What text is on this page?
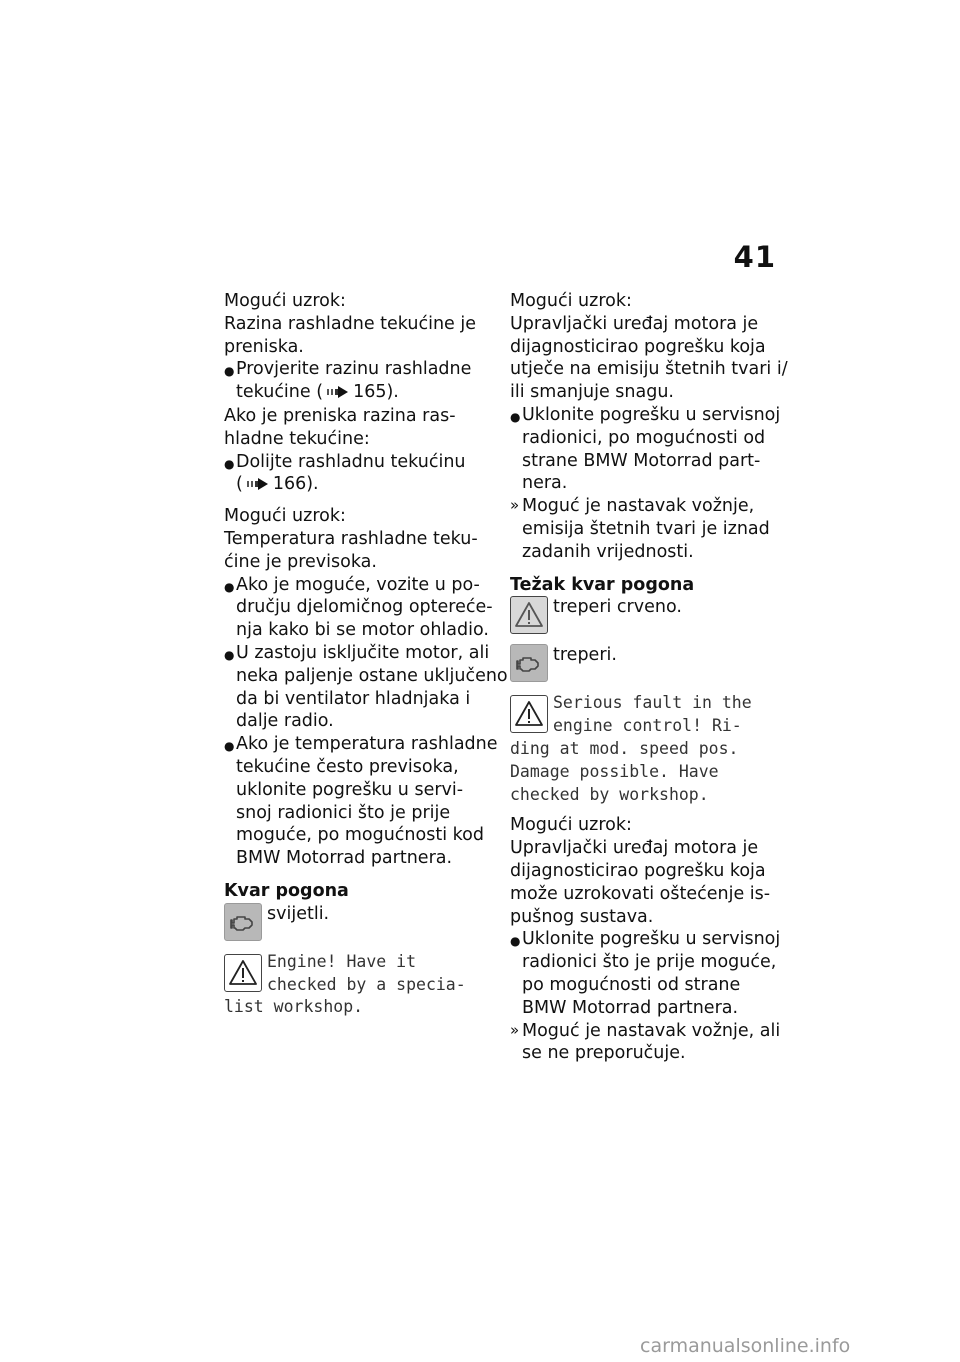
41
Mogući uzrok:
Razina rashladne tekućine je
preniska.
● Provjerite razinu rashladne
tekućine ( 165).
Ako je preniska razina ras-
hladne tekućine:
● Dolijte rashladnu tekućinu
( 166).
Mogući uzrok:
Temperatura rashladne teku-
ćine je previsoka.
● Ako je moguće, vozite u po-
dručju djelomičnog optereće-
nja kako bi se motor ohladio.
● U zastoju isključite motor, ali
neka paljenje ostane uključeno
da bi ventilator hladnjaka i
dalje radio.
● Ako je temperatura rashladne
tekućine često previsoka,
uklonite pogrešku u servi-
snoj radionici što je prije
moguće, po mogućnosti kod
BMW Motorrad partnera.
Kvar pogona
svijetli.
Engine! Have it
checked by a specia-
list workshop.
Mogući uzrok:
Upravljački uređaj motora je
dijagnosticirao pogrešku koja
utječe na emisiju štetnih tvari i/
ili smanjuje snagu.
● Uklonite pogrešku u servisnoj
radionici, po mogućnosti od
strane BMW Motorrad part-
nera.
» Moguć je nastavak vožnje,
emisija štetnih tvari je iznad
zadanih vrijednosti.
Težak kvar pogona
treperi crveno.
treperi.
Serious fault in the
engine control! Ri-
ding at mod. speed pos.
Damage possible. Have
checked by workshop.
Mogući uzrok:
Upravljački uređaj motora je
dijagnosticirao pogrešku koja
može uzrokovati oštećenje is-
pušnog sustava.
● Uklonite pogrešku u servisnoj
radionici što je prije moguće,
po mogućnosti od strane
BMW Motorrad partnera.
» Moguć je nastavak vožnje, ali
se ne preporučuje.
carmanualsonline.info
